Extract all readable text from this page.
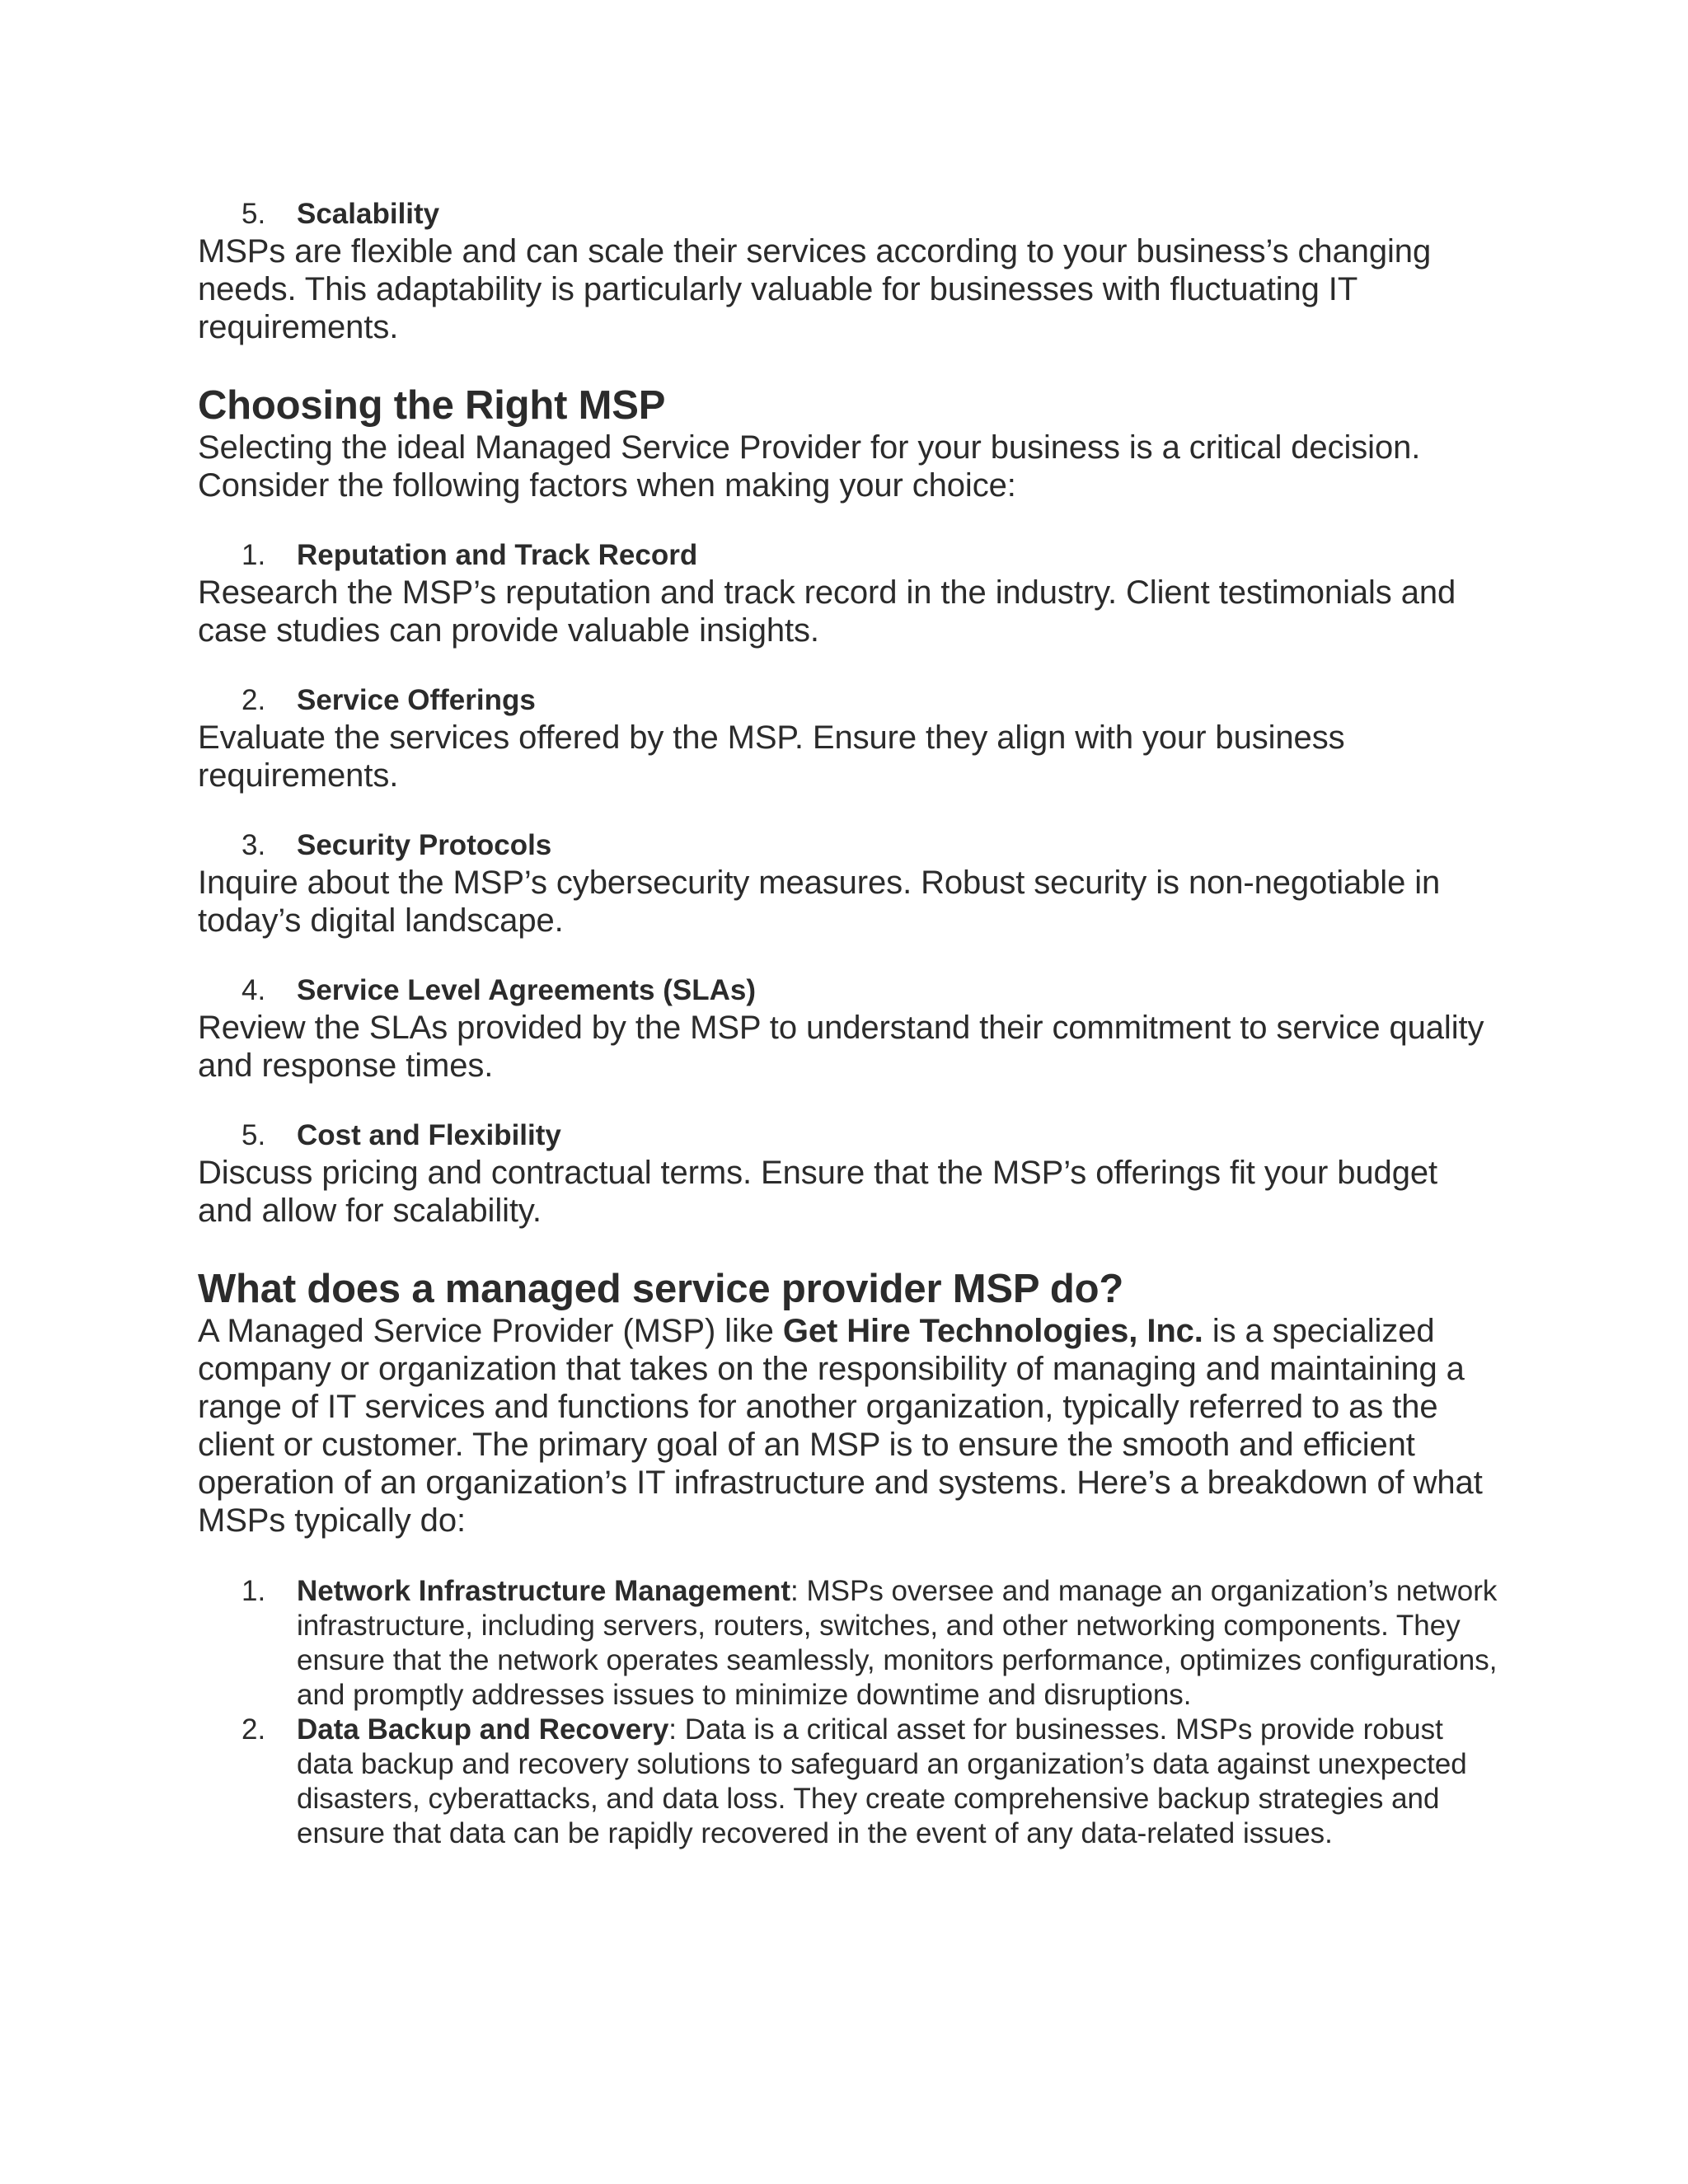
5. Scalability

MSPs are flexible and can scale their services according to your business’s changing needs. This adaptability is particularly valuable for businesses with fluctuating IT requirements.

Choosing the Right MSP

Selecting the ideal Managed Service Provider for your business is a critical decision. Consider the following factors when making your choice:

1. Reputation and Track Record

Research the MSP’s reputation and track record in the industry. Client testimonials and case studies can provide valuable insights.

2. Service Offerings

Evaluate the services offered by the MSP. Ensure they align with your business requirements.

3. Security Protocols

Inquire about the MSP’s cybersecurity measures. Robust security is non-negotiable in today’s digital landscape.

4. Service Level Agreements (SLAs)

Review the SLAs provided by the MSP to understand their commitment to service quality and response times.

5. Cost and Flexibility

Discuss pricing and contractual terms. Ensure that the MSP’s offerings fit your budget and allow for scalability.

What does a managed service provider MSP do?

A Managed Service Provider (MSP) like Get Hire Technologies, Inc. is a specialized company or organization that takes on the responsibility of managing and maintaining a range of IT services and functions for another organization, typically referred to as the client or customer. The primary goal of an MSP is to ensure the smooth and efficient operation of an organization’s IT infrastructure and systems. Here’s a breakdown of what MSPs typically do:

1. Network Infrastructure Management: MSPs oversee and manage an organization’s network infrastructure, including servers, routers, switches, and other networking components. They ensure that the network operates seamlessly, monitors performance, optimizes configurations, and promptly addresses issues to minimize downtime and disruptions.
2. Data Backup and Recovery: Data is a critical asset for businesses. MSPs provide robust data backup and recovery solutions to safeguard an organization’s data against unexpected disasters, cyberattacks, and data loss. They create comprehensive backup strategies and ensure that data can be rapidly recovered in the event of any data-related issues.
